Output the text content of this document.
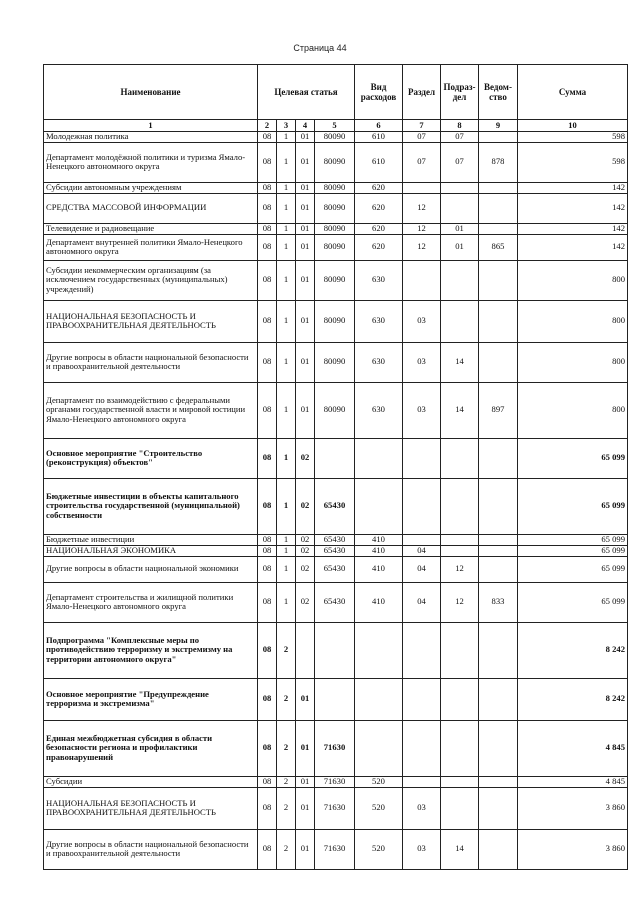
Страница 44
Наименование	Целевая статья				Вид расходов	Раздел	Подраз-дел	Ведом-ство	Сумма
1	2	3	4	5	6	7	8	9	10
Молодежная политика	08	1	01	80090	610	07	07		598
Департамент молодёжной политики и туризма Ямало-Ненецкого автономного округа	08	1	01	80090	610	07	07	878	598
Субсидии автономным учреждениям	08	1	01	80090	620				142
СРЕДСТВА МАССОВОЙ ИНФОРМАЦИИ	08	1	01	80090	620	12			142
Телевидение и радиовещание	08	1	01	80090	620	12	01		142
Департамент внутренней политики Ямало-Ненецкого автономного округа	08	1	01	80090	620	12	01	865	142
Субсидии некоммерческим организациям (за исключением государственных (муниципальных) учреждений)	08	1	01	80090	630				800
НАЦИОНАЛЬНАЯ БЕЗОПАСНОСТЬ И ПРАВООХРАНИТЕЛЬНАЯ ДЕЯТЕЛЬНОСТЬ	08	1	01	80090	630	03			800
Другие вопросы в области национальной безопасности и правоохранительной деятельности	08	1	01	80090	630	03	14		800
Департамент по взаимодействию с федеральными органами государственной власти и мировой юстиции Ямало-Ненецкого автономного округа	08	1	01	80090	630	03	14	897	800
Основное мероприятие "Строительство (реконструкция) объектов"	08	1	02						65 099
Бюджетные инвестиции в объекты капитального строительства государственной (муниципальной) собственности	08	1	02	65430					65 099
Бюджетные инвестиции	08	1	02	65430	410				65 099
НАЦИОНАЛЬНАЯ ЭКОНОМИКА	08	1	02	65430	410	04			65 099
Другие вопросы в области национальной экономики	08	1	02	65430	410	04	12		65 099
Департамент строительства и жилищной политики Ямало-Ненецкого автономного округа	08	1	02	65430	410	04	12	833	65 099
Подпрограмма "Комплексные меры по противодействию терроризму и экстремизму на территории автономного округа"	08	2							8 242
Основное мероприятие "Предупреждение терроризма и экстремизма"	08	2	01						8 242
Единая межбюджетная субсидия в области безопасности региона и профилактики правонарушений	08	2	01	71630					4 845
Субсидии	08	2	01	71630	520				4 845
НАЦИОНАЛЬНАЯ БЕЗОПАСНОСТЬ И ПРАВООХРАНИТЕЛЬНАЯ ДЕЯТЕЛЬНОСТЬ	08	2	01	71630	520	03			3 860
Другие вопросы в области национальной безопасности и правоохранительной деятельности	08	2	01	71630	520	03	14		3 860
